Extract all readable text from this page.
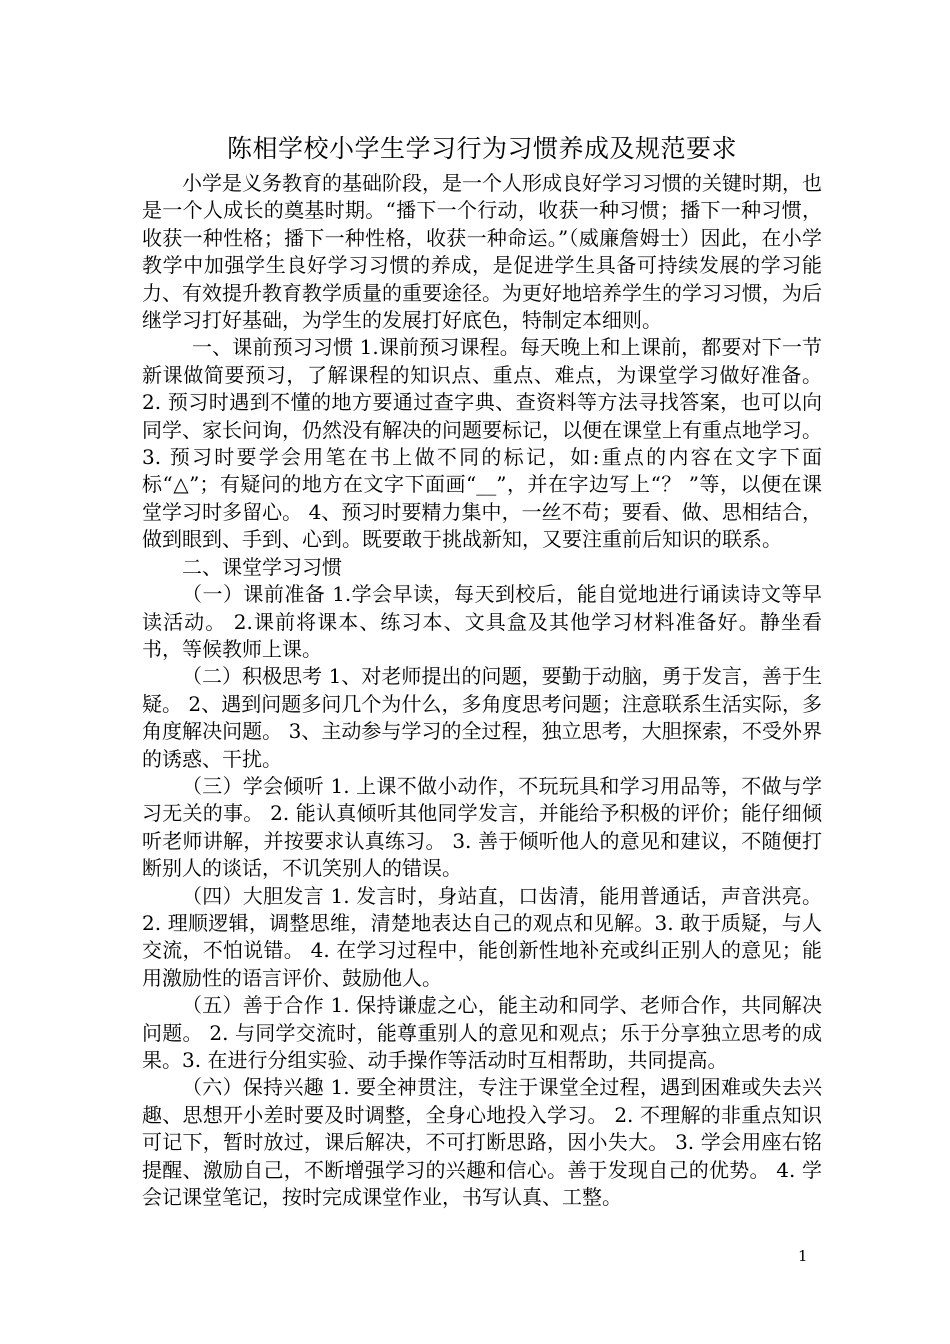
陈相学校小学生学习行为习惯养成及规范要求

小学是义务教育的基础阶段，是一个人形成良好学习习惯的关键时期，也是一个人成长的奠基时期。“播下一个行动，收获一种习惯；播下一种习惯，收获一种性格；播下一种性格，收获一种命运。”（威廉詹姆士）因此，在小学教学中加强学生良好学习习惯的养成，是促进学生具备可持续发展的学习能力、有效提升教育教学质量的重要途径。为更好地培养学生的学习习惯，为后继学习打好基础，为学生的发展打好底色，特制定本细则。

一、课前预习习惯 1.课前预习课程。每天晚上和上课前，都要对下一节新课做简要预习，了解课程的知识点、重点、难点，为课堂学习做好准备。 2. 预习时遇到不懂的地方要通过查字典、查资料等方法寻找答案，也可以向同学、家长问询，仍然没有解决的问题要标记，以便在课堂上有重点地学习。 3. 预习时要学会用笔在书上做不同的标记，如:重点的内容在文字下面标“△”；有疑问的地方在文字下面画“__”，并在字边写上“？ ”等，以便在课堂学习时多留心。 4、预习时要精力集中，一丝不苟；要看、做、思相结合，做到眼到、手到、心到。既要敢于挑战新知，又要注重前后知识的联系。

二、课堂学习习惯

（一）课前准备 1.学会早读，每天到校后，能自觉地进行诵读诗文等早读活动。 2.课前将课本、练习本、文具盒及其他学习材料准备好。静坐看书，等候教师上课。

（二）积极思考 1、对老师提出的问题，要勤于动脑，勇于发言，善于生疑。 2、遇到问题多问几个为什么，多角度思考问题；注意联系生活实际，多角度解决问题。 3、主动参与学习的全过程，独立思考，大胆探索，不受外界的诱惑、干扰。

（三）学会倾听 1. 上课不做小动作，不玩玩具和学习用品等，不做与学习无关的事。 2. 能认真倾听其他同学发言，并能给予积极的评价；能仔细倾听老师讲解，并按要求认真练习。 3. 善于倾听他人的意见和建议，不随便打断别人的谈话，不讥笑别人的错误。

（四）大胆发言 1. 发言时，身站直，口齿清，能用普通话，声音洪亮。2. 理顺逻辑，调整思维，清楚地表达自己的观点和见解。3. 敢于质疑，与人交流，不怕说错。 4. 在学习过程中，能创新性地补充或纠正别人的意见；能用激励性的语言评价、鼓励他人。

（五）善于合作 1. 保持谦虚之心，能主动和同学、老师合作，共同解决问题。 2. 与同学交流时，能尊重别人的意见和观点；乐于分享独立思考的成果。3. 在进行分组实验、动手操作等活动时互相帮助，共同提高。

（六）保持兴趣 1. 要全神贯注，专注于课堂全过程，遇到困难或失去兴趣、思想开小差时要及时调整，全身心地投入学习。 2. 不理解的非重点知识可记下，暂时放过，课后解决，不可打断思路，因小失大。 3. 学会用座右铭提醒、激励自己，不断增强学习的兴趣和信心。善于发现自己的优势。 4. 学会记课堂笔记，按时完成课堂作业，书写认真、工整。

1
